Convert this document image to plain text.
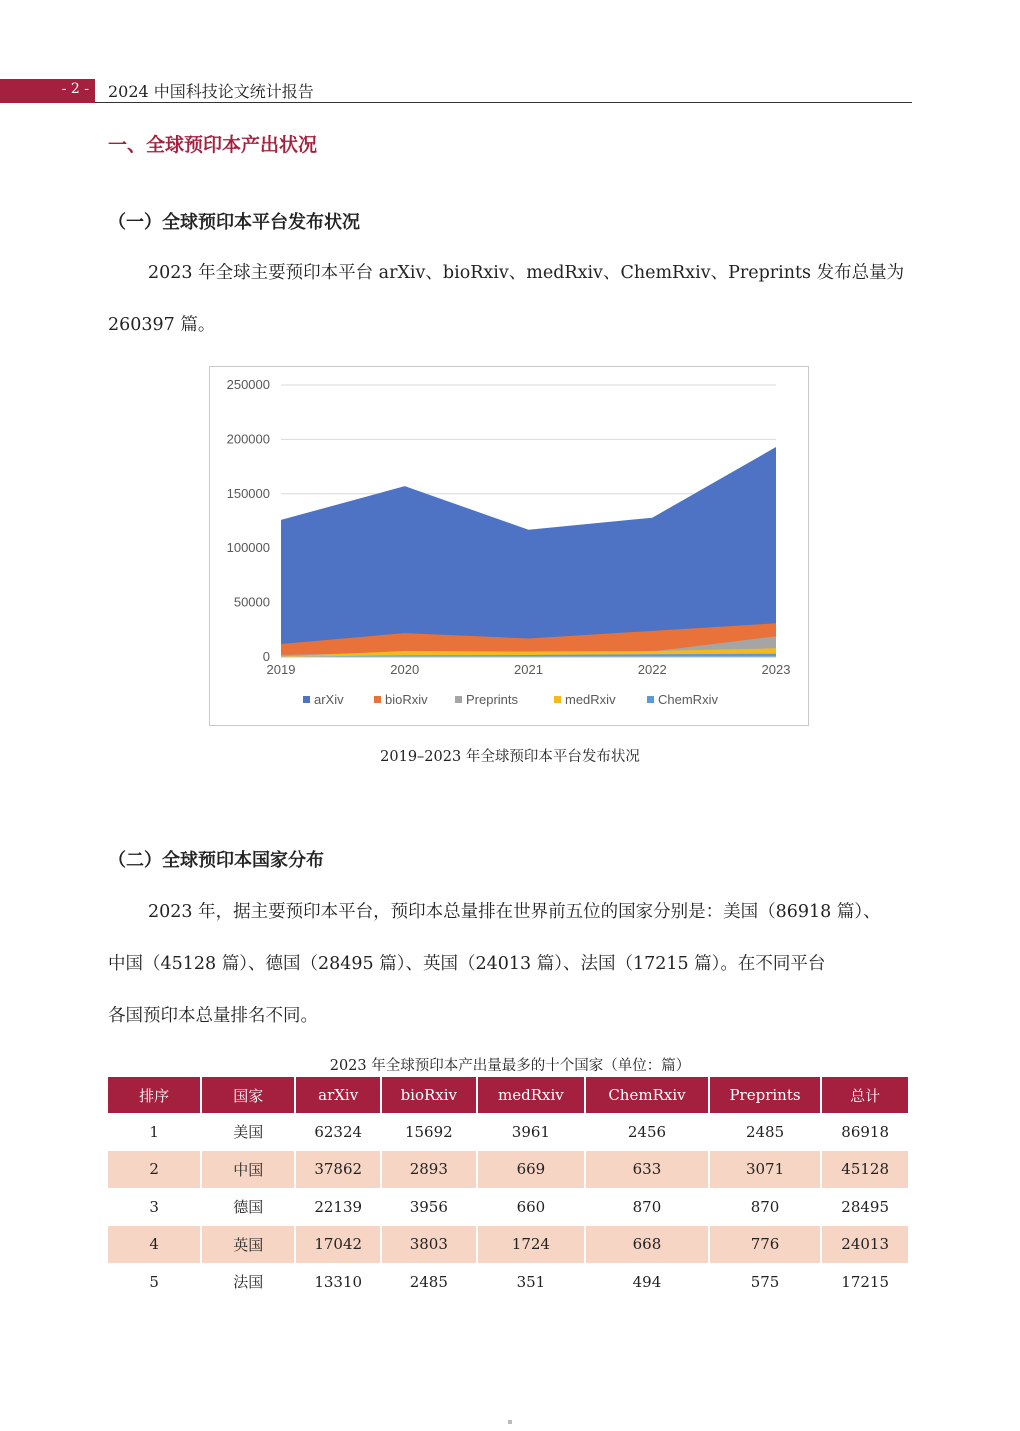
- 2 -	2024 中国科技论文统计报告
一、全球预印本产出状况
（一）全球预印本平台发布状况
2023 年全球主要预印本平台 arXiv、bioRxiv、medRxiv、ChemRxiv、Preprints 发布总量为
260397 篇。
0
50000
100000
150000
200000
250000
2019	2020	2021	2022	2023
arXiv	bioRxiv	Preprints	medRxiv	ChemRxiv
2019–2023 年全球预印本平台发布状况
（二）全球预印本国家分布
2023 年，据主要预印本平台，预印本总量排在世界前五位的国家分别是：美国（86918 篇）、
中国（45128 篇）、德国（28495 篇）、英国（24013 篇）、法国（17215 篇）。在不同平台
各国预印本总量排名不同。
2023 年全球预印本产出量最多的十个国家（单位：篇）
排序	国家	arXiv	bioRxiv	medRxiv	ChemRxiv	Preprints	总计
1	美国	62324	15692	3961	2456	2485	86918
2	中国	37862	2893	669	633	3071	45128
3	德国	22139	3956	660	870	870	28495
4	英国	17042	3803	1724	668	776	24013
5	法国	13310	2485	351	494	575	17215
